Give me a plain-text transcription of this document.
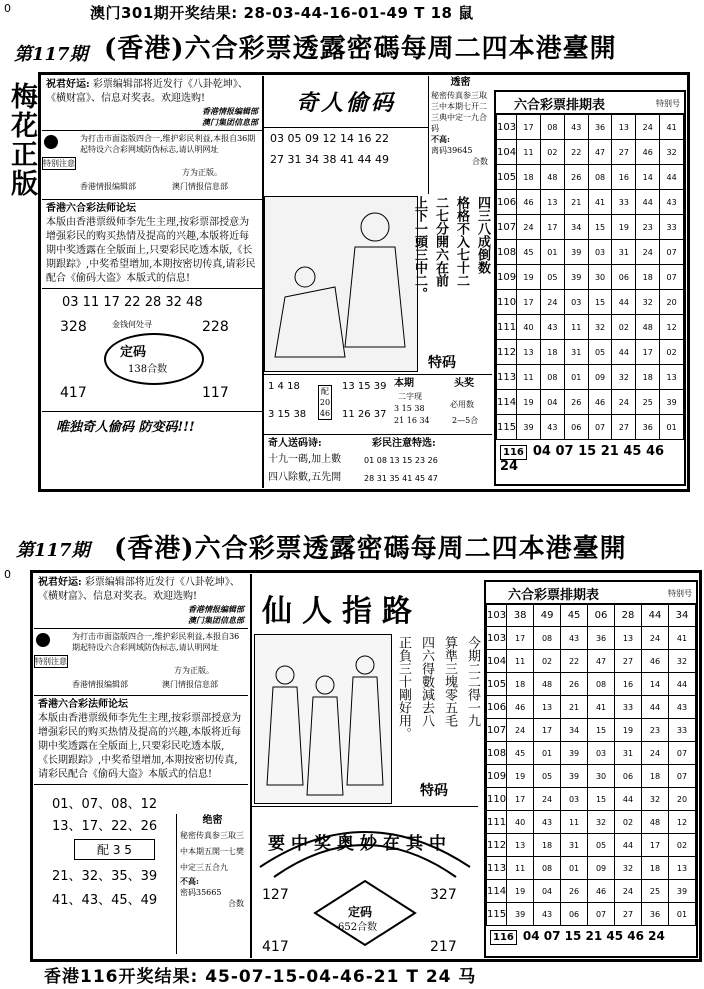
0
0
梅花正版
澳门301期开奖结果: 28-03-44-16-01-49 T 18 鼠
第117期 (香港)六合彩票透露密碼每周二四本港臺開
祝君好运: 彩票编辑部将近发行《八卦乾坤》、《横财富》、信息对奖表。欢迎选购!
香港情报编辑部
澳门集团信息部
特别注意
为打击市面盗版四合一,维护彩民利益,本报自36期起特设六合彩网域防伪标志,请认明网址
方为正版。
香港情报编辑部	澳门情报信息部
香港六合彩法师论坛
本版由香港票级师李先生主理,按彩票部授意为增强彩民的购买热情及提高的兴趣,本版将近每期中奖透露在全版面上,只要彩民吃透本版,《长期跟踪》,中奖希望增加,本期按密切传真,请彩民配合《偷码大盗》本版式的信息!
03 11 17 22 28 32 48
328	228
金钱何处寻
定码
138合数
417	117
唯独奇人偷码 防变码!!!
奇人偷码
03 05 09 12 14 16 22
27 31 34 38 41 44 49
四三八成倒数
格格不入七十二
二七分開六在前
上下一頭三中二。
特码
1 4 18
3 15 38
配 20 46
13 15 39
11 26 37
本期
二字现
3 15 38
21 16 34
头奖
必用数
2—5合
奇人送码诗:
十九一碼,加上數
四八除數,五先開
彩民注意特选:
01 08 13 15 23 26
28 31 35 41 45 47
透密
秘密传真参三取三中本期七开二三典中定一九合码
不高:
离码39645
合数
六合彩票排期表	特别号
103	17	08	43	36	13	24	41
104	11	02	22	47	27	46	32
105	18	48	26	08	16	14	44
106	46	13	21	41	33	44	43
107	24	17	34	15	19	23	33
108	45	01	39	03	31	24	07
109	19	05	39	30	06	18	07
110	17	24	03	15	44	32	20
111	40	43	11	32	02	48	12
112	13	18	31	05	44	17	02
113	11	08	01	09	32	18	13
114	19	04	26	46	24	25	39
115	39	43	06	07	27	36	01
116 04 07 15 21 45 46 24
第117期 (香港)六合彩票透露密碼每周二四本港臺開
祝君好运: 彩票编辑部将近发行《八卦乾坤》、《横财富》、信息对奖表。欢迎选购!
香港情报编辑部
澳门集团信息部
特别注意
为打击市面盗版四合一,维护彩民利益,本报自36期起特设六合彩网域防伪标志,请认明网址
方为正版。
香港情报编辑部	澳门情报信息部
香港六合彩法师论坛
本版由香港票级师李先生主理,按彩票部授意为增强彩民的购买热情及提高的兴趣,本版将近每期中奖透露在全版面上,只要彩民吃透本版,《长期跟踪》,中奖希望增加,本期按密切传真,请彩民配合《偷码大盗》本版式的信息!
01、07、08、12
13、17、22、26
配 3 5
21、32、35、39
41、43、45、49
仙人指路
今期二二得一九
算準三塊零五毛
四六得數減去八
正負三十剛好用。
特码
要中奖奥妙在其中
127	327
定码
652合数
417	217
绝密
秘密传真参三取三中本期五開一七樊中定三五合九
不高:
密码35665
合数
六合彩票排期表	特别号
103	38	49	45	06	28	44	34
103	17	08	43	36	13	24	41
104	11	02	22	47	27	46	32
105	18	48	26	08	16	14	44
106	46	13	21	41	33	44	43
107	24	17	34	15	19	23	33
108	45	01	39	03	31	24	07
109	19	05	39	30	06	18	07
110	17	24	03	15	44	32	20
111	40	43	11	32	02	48	12
112	13	18	31	05	44	17	02
113	11	08	01	09	32	18	13
114	19	04	26	46	24	25	39
115	39	43	06	07	27	36	01
116 04 07 15 21 45 46 24
香港116开奖结果: 45-07-15-04-46-21 T 24 马
